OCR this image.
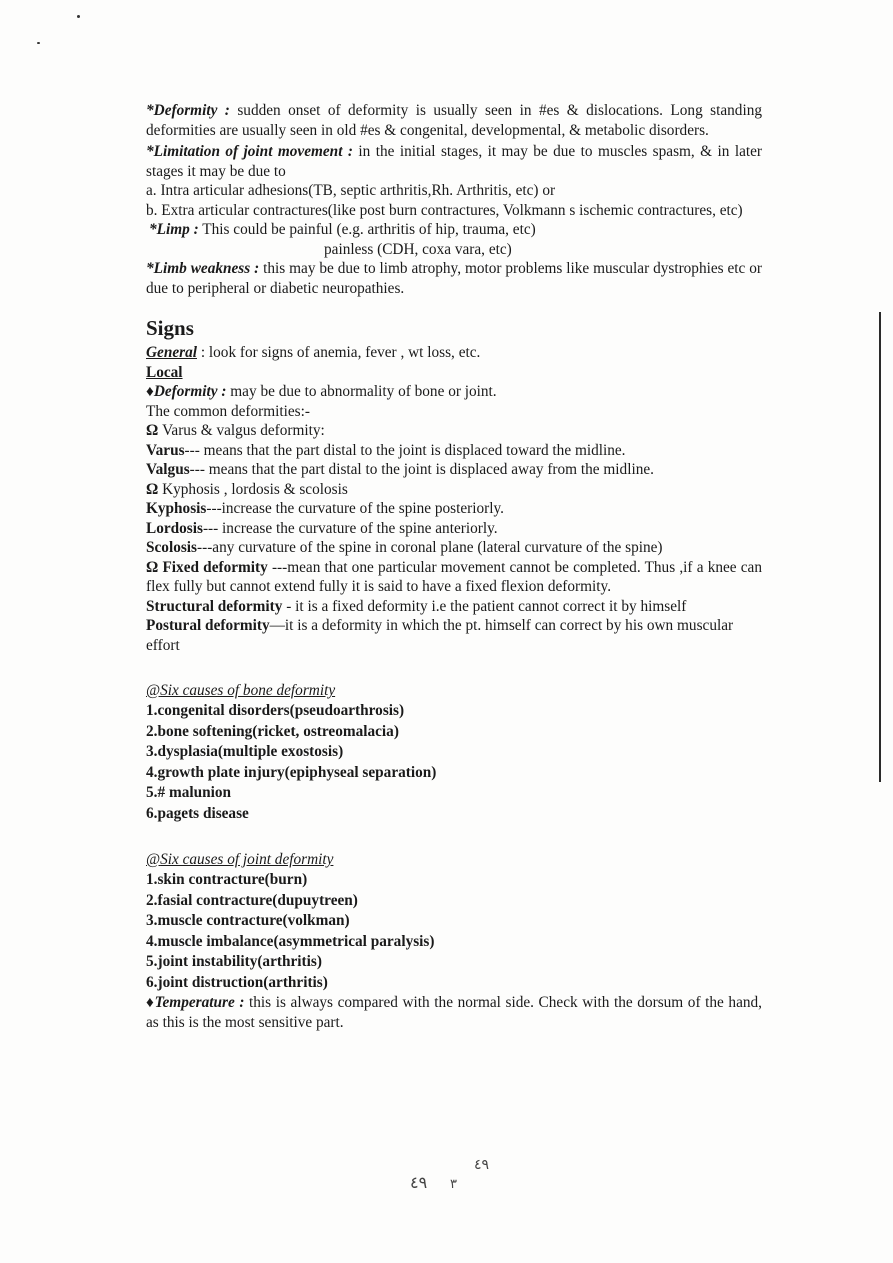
*Deformity : sudden onset of deformity is usually seen in #es & dislocations. Long standing deformities are usually seen in old #es & congenital, developmental, & metabolic disorders.

*Limitation of joint movement : in the initial stages, it may be due to muscles spasm, & in later stages it may be due to

a. Intra articular adhesions(TB, septic arthritis,Rh. Arthritis, etc) or

b. Extra articular contractures(like post burn contractures, Volkmann s ischemic contractures, etc)

*Limp : This could be painful (e.g. arthritis of hip, trauma, etc)

painless (CDH, coxa vara, etc)

*Limb weakness : this may be due to limb atrophy, motor problems like muscular dystrophies etc or due to peripheral or diabetic neuropathies.

Signs

General : look for signs of anemia, fever , wt loss, etc.

Local

♦Deformity : may be due to abnormality of bone or joint.

The common deformities:-

Ω Varus & valgus deformity:

Varus--- means that the part distal to the joint is displaced toward the midline.

Valgus--- means that the part distal to the joint is displaced away from the midline.

Ω Kyphosis , lordosis & scolosis

Kyphosis---increase the curvature of the spine posteriorly.

Lordosis--- increase the curvature of the spine anteriorly.

Scolosis---any curvature of the spine in coronal plane (lateral curvature of the spine)

Ω Fixed deformity ---mean that one particular movement cannot be completed. Thus ,if a knee can flex fully but cannot extend fully it is said to have a fixed flexion deformity.

Structural deformity - it is a fixed deformity i.e the patient cannot correct it by himself

Postural deformity—it is a deformity in which the pt. himself can correct by his own muscular effort

@Six causes of bone deformity

1.congenital disorders(pseudoarthrosis)

2.bone softening(ricket, ostreomalacia)

3.dysplasia(multiple exostosis)

4.growth plate injury(epiphyseal separation)

5.# malunion

6.pagets disease

@Six causes of joint deformity

1.skin contracture(burn)

2.fasial contracture(dupuytreen)

3.muscle contracture(volkman)

4.muscle imbalance(asymmetrical paralysis)

5.joint instability(arthritis)

6.joint distruction(arthritis)

♦Temperature : this is always compared with the normal side. Check with the dorsum of the hand, as this is the most sensitive part.

٤٩ ٣
٤٩
